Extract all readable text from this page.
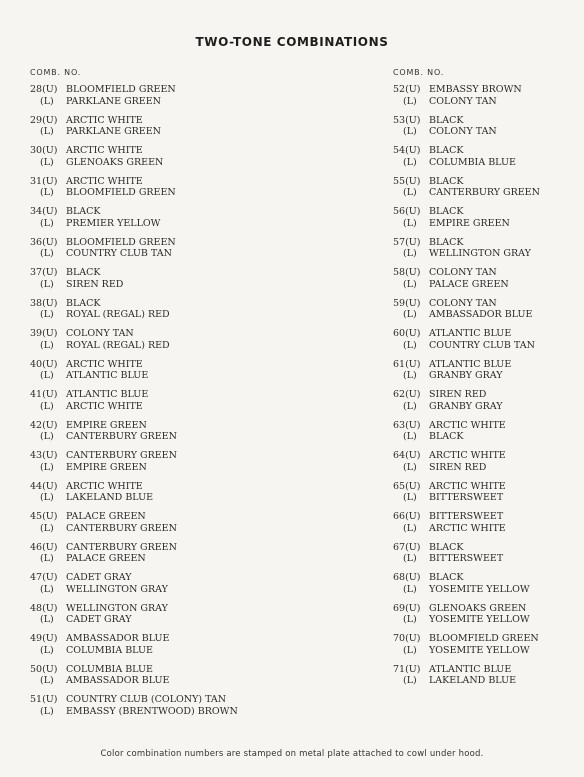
TWO-TONE COMBINATIONS
COMB. NO.	COMB. NO.
28(U) BLOOMFIELD GREEN
(L) PARKLANE GREEN
29(U) ARCTIC WHITE
(L) PARKLANE GREEN
30(U) ARCTIC WHITE
(L) GLENOAKS GREEN
31(U) ARCTIC WHITE
(L) BLOOMFIELD GREEN
34(U) BLACK
(L) PREMIER YELLOW
36(U) BLOOMFIELD GREEN
(L) COUNTRY CLUB TAN
37(U) BLACK
(L) SIREN RED
38(U) BLACK
(L) ROYAL (REGAL) RED
39(U) COLONY TAN
(L) ROYAL (REGAL) RED
40(U) ARCTIC WHITE
(L) ATLANTIC BLUE
41(U) ATLANTIC BLUE
(L) ARCTIC WHITE
42(U) EMPIRE GREEN
(L) CANTERBURY GREEN
43(U) CANTERBURY GREEN
(L) EMPIRE GREEN
44(U) ARCTIC WHITE
(L) LAKELAND BLUE
45(U) PALACE GREEN
(L) CANTERBURY GREEN
46(U) CANTERBURY GREEN
(L) PALACE GREEN
47(U) CADET GRAY
(L) WELLINGTON GRAY
48(U) WELLINGTON GRAY
(L) CADET GRAY
49(U) AMBASSADOR BLUE
(L) COLUMBIA BLUE
50(U) COLUMBIA BLUE
(L) AMBASSADOR BLUE
51(U) COUNTRY CLUB (COLONY) TAN
(L) EMBASSY (BRENTWOOD) BROWN
52(U) EMBASSY BROWN
(L) COLONY TAN
53(U) BLACK
(L) COLONY TAN
54(U) BLACK
(L) COLUMBIA BLUE
55(U) BLACK
(L) CANTERBURY GREEN
56(U) BLACK
(L) EMPIRE GREEN
57(U) BLACK
(L) WELLINGTON GRAY
58(U) COLONY TAN
(L) PALACE GREEN
59(U) COLONY TAN
(L) AMBASSADOR BLUE
60(U) ATLANTIC BLUE
(L) COUNTRY CLUB TAN
61(U) ATLANTIC BLUE
(L) GRANBY GRAY
62(U) SIREN RED
(L) GRANBY GRAY
63(U) ARCTIC WHITE
(L) BLACK
64(U) ARCTIC WHITE
(L) SIREN RED
65(U) ARCTIC WHITE
(L) BITTERSWEET
66(U) BITTERSWEET
(L) ARCTIC WHITE
67(U) BLACK
(L) BITTERSWEET
68(U) BLACK
(L) YOSEMITE YELLOW
69(U) GLENOAKS GREEN
(L) YOSEMITE YELLOW
70(U) BLOOMFIELD GREEN
(L) YOSEMITE YELLOW
71(U) ATLANTIC BLUE
(L) LAKELAND BLUE
Color combination numbers are stamped on metal plate attached to cowl under hood.
